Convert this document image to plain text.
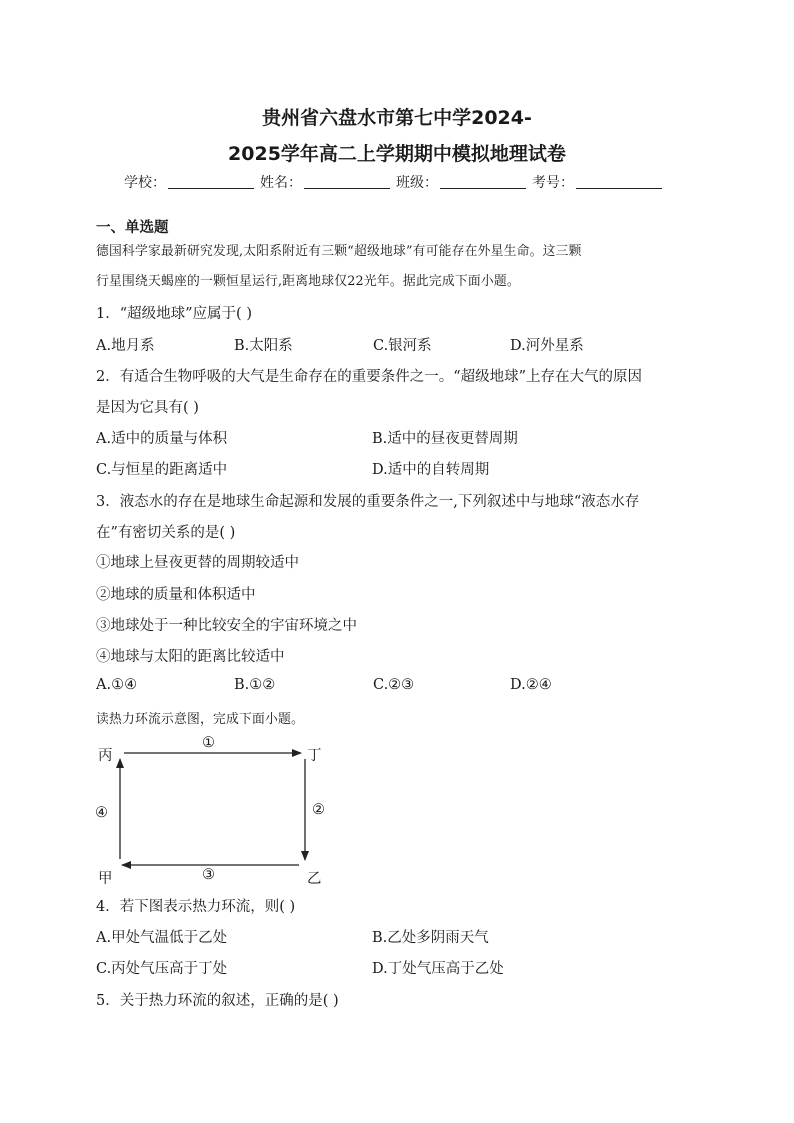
贵州省六盘水市第七中学2024-
2025学年高二上学期期中模拟地理试卷
学校：	姓名：	班级：	考号：
一、单选题
德国科学家最新研究发现,太阳系附近有三颗“超级地球”有可能存在外星生命。这三颗
行星围绕天蝎座的一颗恒星运行,距离地球仅22光年。据此完成下面小题。
1．“超级地球”应属于( )
A.地月系	B.太阳系	C.银河系	D.河外星系
2．有适合生物呼吸的大气是生命存在的重要条件之一。“超级地球”上存在大气的原因
是因为它具有( )
A.适中的质量与体积	B.适中的昼夜更替周期
C.与恒星的距离适中	D.适中的自转周期
3．液态水的存在是地球生命起源和发展的重要条件之一,下列叙述中与地球“液态水存
在”有密切关系的是( )
①地球上昼夜更替的周期较适中
②地球的质量和体积适中
③地球处于一种比较安全的宇宙环境之中
④地球与太阳的距离比较适中
A.①④	B.①②	C.②③	D.②④
读热力环流示意图，完成下面小题。
丙	丁
甲	乙
①
②
③
④
4．若下图表示热力环流，则( )
A.甲处气温低于乙处	B.乙处多阴雨天气
C.丙处气压高于丁处	D.丁处气压高于乙处
5．关于热力环流的叙述，正确的是( )
